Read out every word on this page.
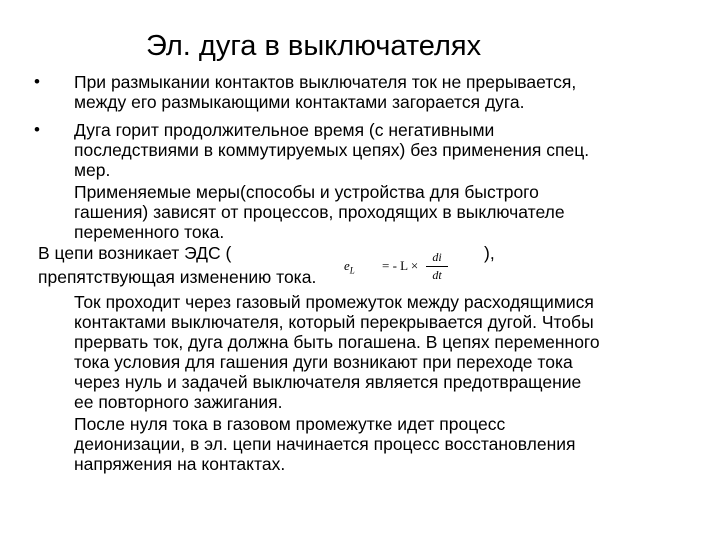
Эл. дуга в выключателях
• При размыкании контактов выключателя ток не прерывается,
между его размыкающими контактами загорается дуга.
• Дуга горит продолжительное время (с негативными
последствиями в коммутируемых цепях) без применения спец.
мер.
Применяемые меры(способы и устройства для быстрого
гашения) зависят от процессов, проходящих в выключателе
переменного тока.
В цепи возникает ЭДС (
$e_L$ = - L ×
di
dt
),
препятствующая изменению тока.
Ток проходит через газовый промежуток между расходящимися
контактами выключателя, который перекрывается дугой. Чтобы
прервать ток, дуга должна быть погашена. В цепях переменного
тока условия для гашения дуги возникают при переходе тока
через нуль и задачей выключателя является предотвращение
ее повторного зажигания.
После нуля тока в газовом промежутке идет процесс
деионизации, в эл. цепи начинается процесс восстановления
напряжения на контактах.
